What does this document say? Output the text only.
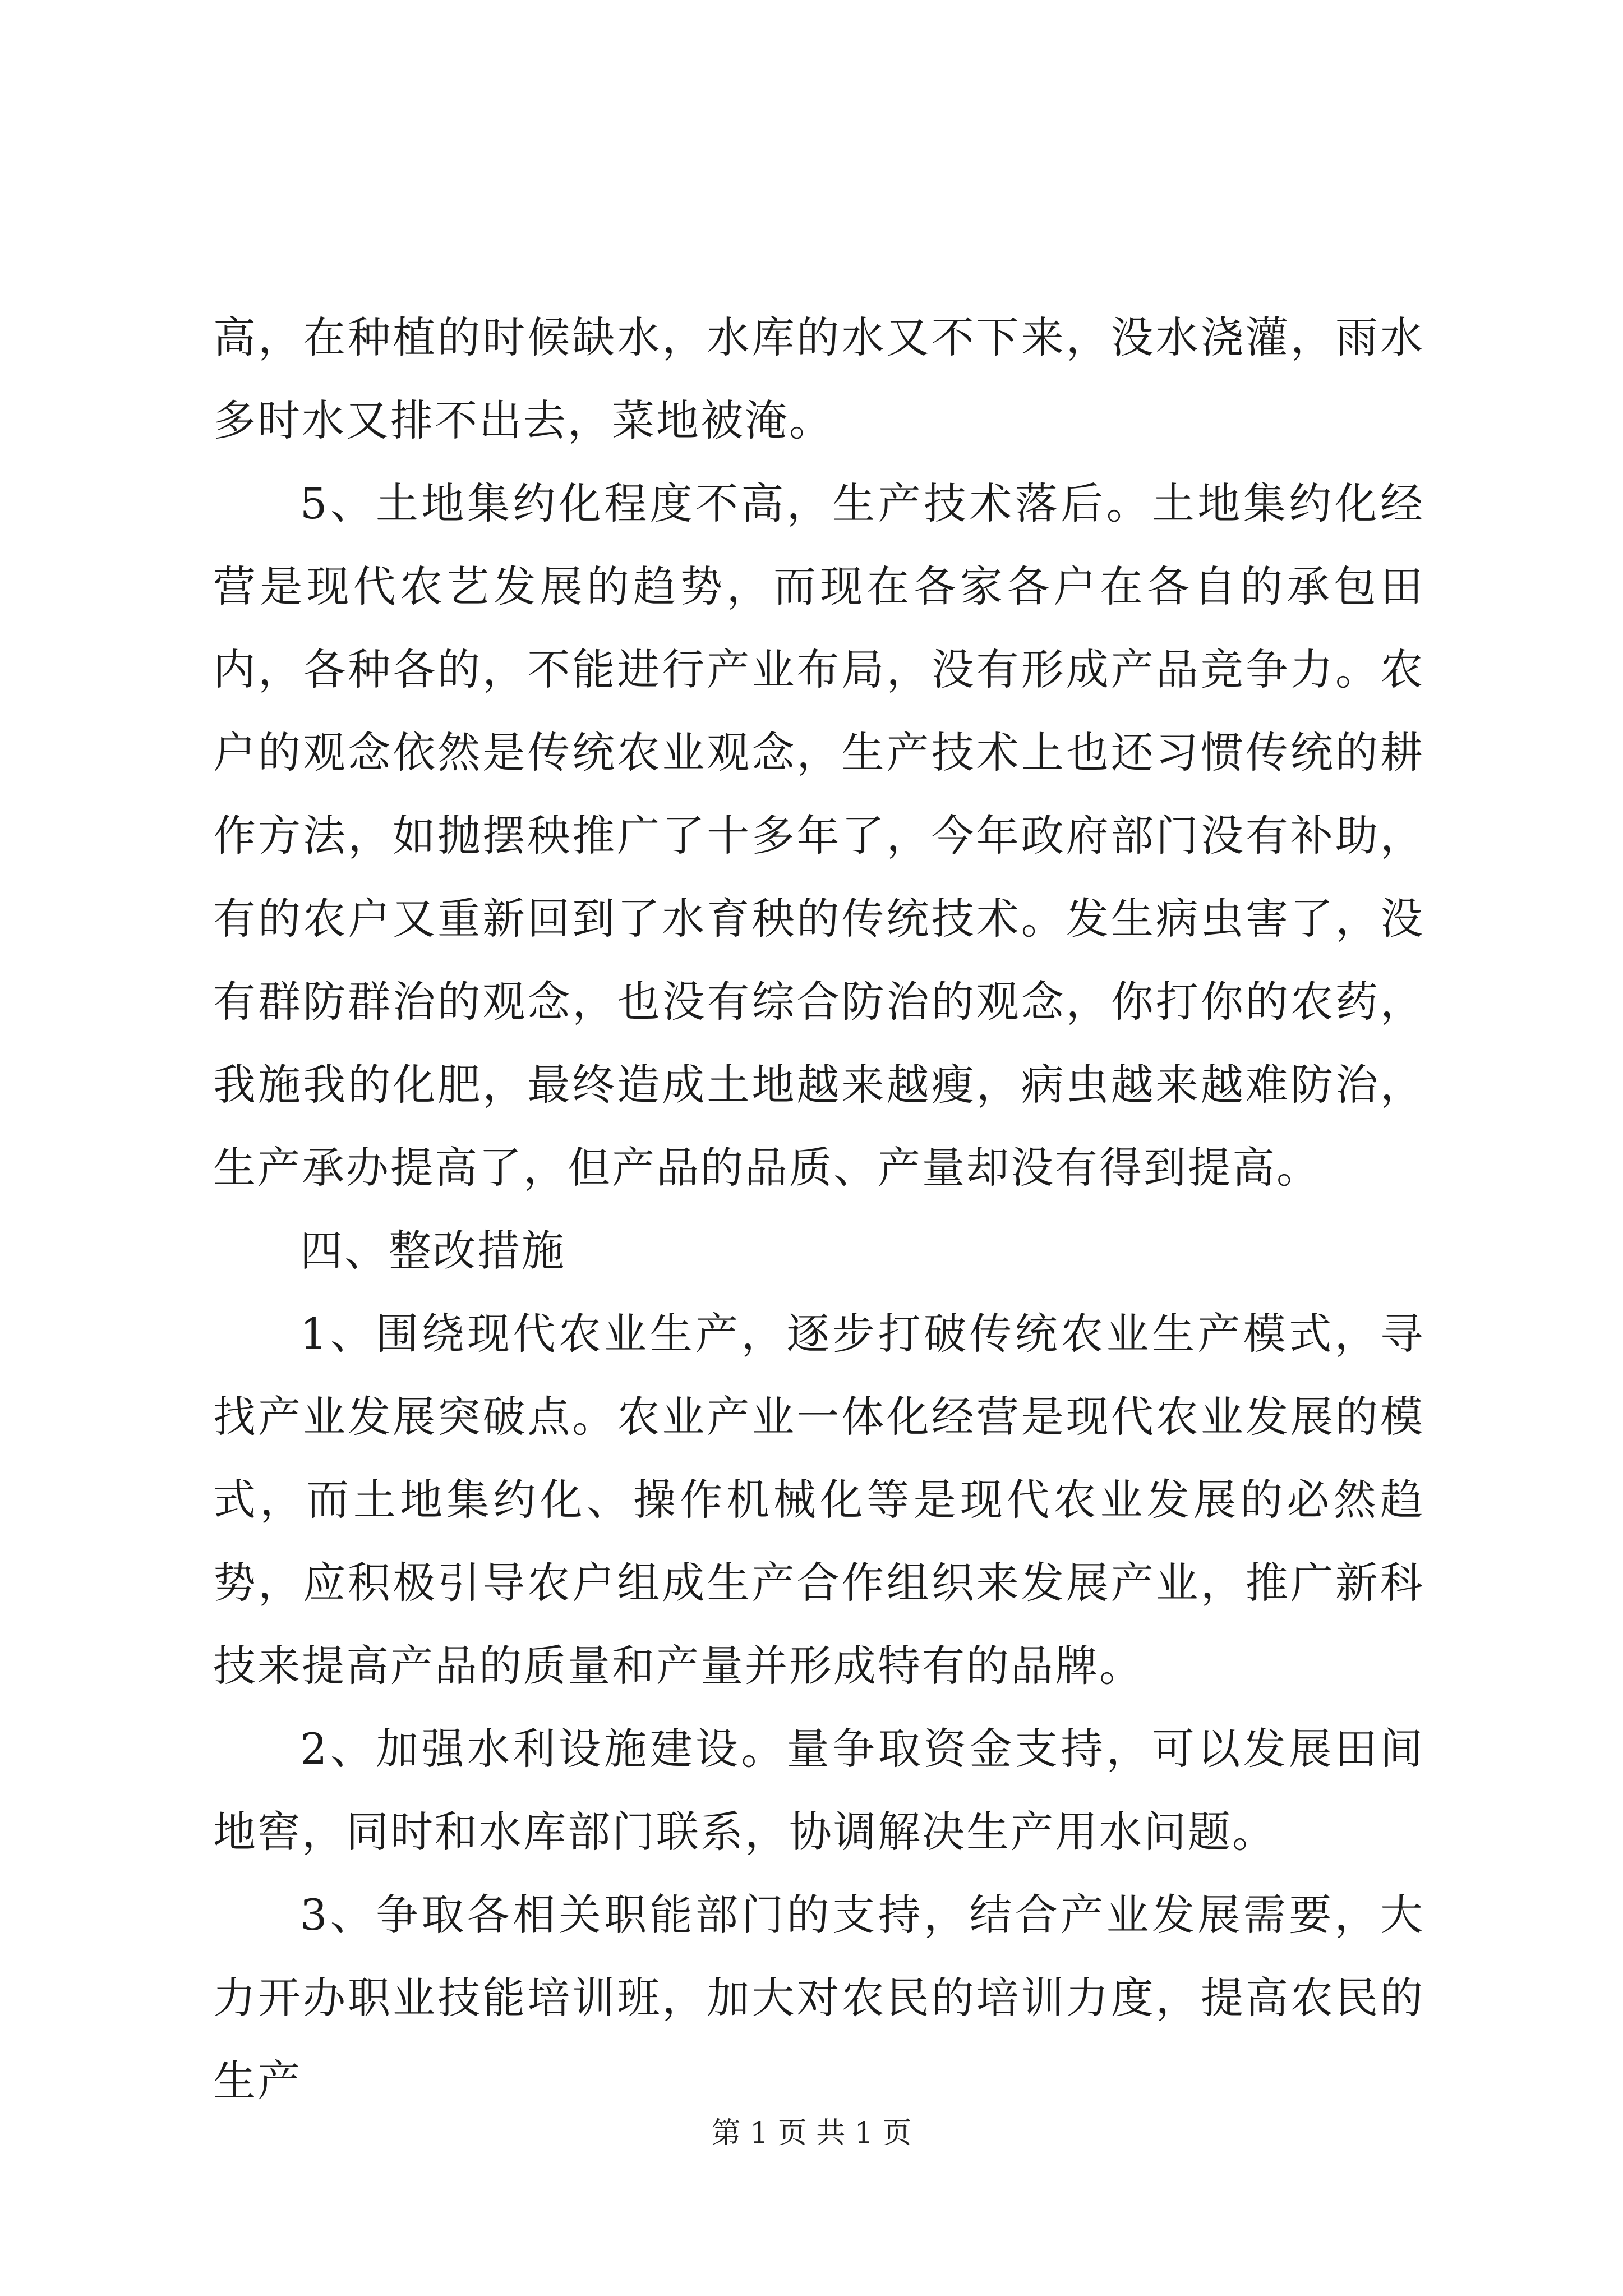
高，在种植的时候缺水，水库的水又不下来，没水浇灌，雨水多时水又排不出去，菜地被淹。

5、土地集约化程度不高，生产技术落后。土地集约化经营是现代农艺发展的趋势，而现在各家各户在各自的承包田内，各种各的，不能进行产业布局，没有形成产品竞争力。农户的观念依然是传统农业观念，生产技术上也还习惯传统的耕作方法，如抛摆秧推广了十多年了，今年政府部门没有补助，有的农户又重新回到了水育秧的传统技术。发生病虫害了，没有群防群治的观念，也没有综合防治的观念，你打你的农药，我施我的化肥，最终造成土地越来越瘦，病虫越来越难防治，生产承办提高了，但产品的品质、产量却没有得到提高。

四、整改措施

1、围绕现代农业生产，逐步打破传统农业生产模式，寻找产业发展突破点。农业产业一体化经营是现代农业发展的模式，而土地集约化、操作机械化等是现代农业发展的必然趋势，应积极引导农户组成生产合作组织来发展产业，推广新科技来提高产品的质量和产量并形成特有的品牌。

2、加强水利设施建设。量争取资金支持，可以发展田间地窖，同时和水库部门联系，协调解决生产用水问题。

3、争取各相关职能部门的支持，结合产业发展需要，大力开办职业技能培训班，加大对农民的培训力度，提高农民的生产

第 1 页 共 1 页
